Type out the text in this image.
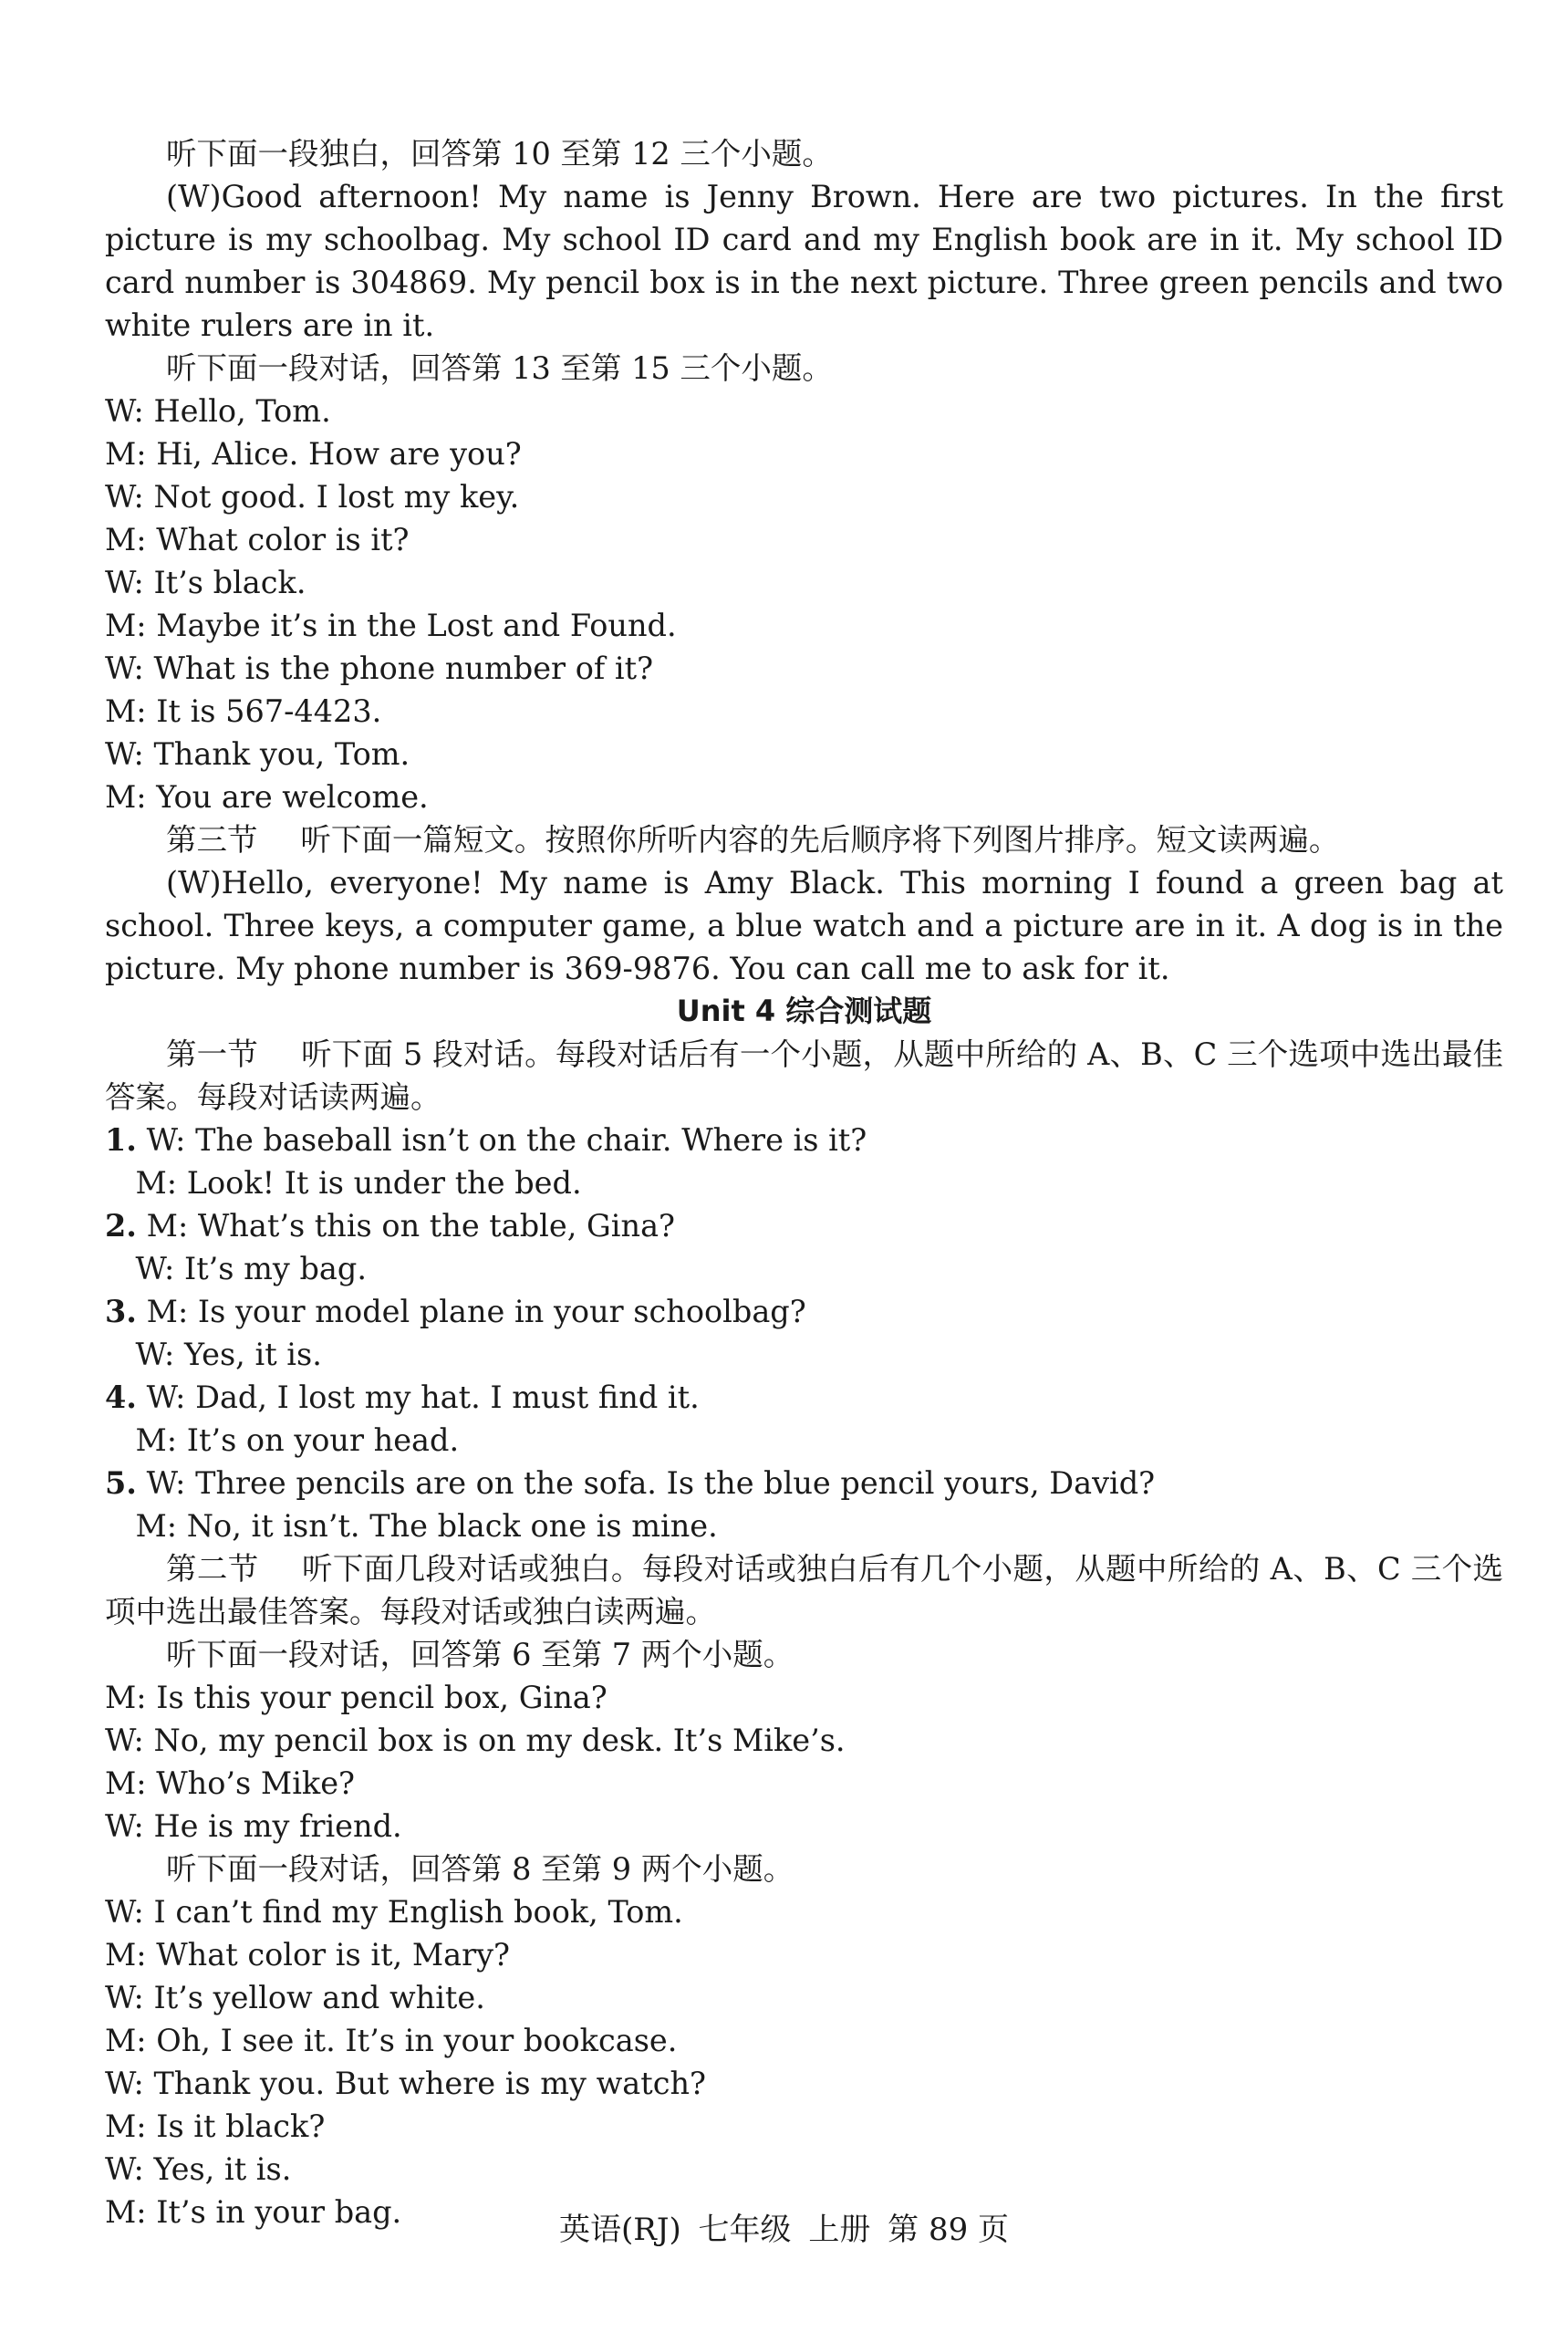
听下面一段独白，回答第 10 至第 12 三个小题。

(W)Good afternoon! My name is Jenny Brown. Here are two pictures. In the first picture is my schoolbag. My school ID card and my English book are in it. My school ID card number is 304869. My pencil box is in the next picture. Three green pencils and two white rulers are in it.

听下面一段对话，回答第 13 至第 15 三个小题。

W: Hello, Tom.

M: Hi, Alice. How are you?

W: Not good. I lost my key.

M: What color is it?

W: It’s black.

M: Maybe it’s in the Lost and Found.

W: What is the phone number of it?

M: It is 567-4423.

W: Thank you, Tom.

M: You are welcome.

第三节 听下面一篇短文。按照你所听内容的先后顺序将下列图片排序。短文读两遍。

(W)Hello, everyone! My name is Amy Black. This morning I found a green bag at school. Three keys, a computer game, a blue watch and a picture are in it. A dog is in the picture. My phone number is 369-9876. You can call me to ask for it.

Unit 4 综合测试题

第一节 听下面 5 段对话。每段对话后有一个小题，从题中所给的 A、B、C 三个选项中选出最佳答案。每段对话读两遍。

1. W: The baseball isn’t on the chair. Where is it?

M: Look! It is under the bed.

2. M: What’s this on the table, Gina?

W: It’s my bag.

3. M: Is your model plane in your schoolbag?

W: Yes, it is.

4. W: Dad, I lost my hat. I must find it.

M: It’s on your head.

5. W: Three pencils are on the sofa. Is the blue pencil yours, David?

M: No, it isn’t. The black one is mine.

第二节 听下面几段对话或独白。每段对话或独白后有几个小题，从题中所给的 A、B、C 三个选项中选出最佳答案。每段对话或独白读两遍。

听下面一段对话，回答第 6 至第 7 两个小题。

M: Is this your pencil box, Gina?

W: No, my pencil box is on my desk. It’s Mike’s.

M: Who’s Mike?

W: He is my friend.

听下面一段对话，回答第 8 至第 9 两个小题。

W: I can’t find my English book, Tom.

M: What color is it, Mary?

W: It’s yellow and white.

M: Oh, I see it. It’s in your bookcase.

W: Thank you. But where is my watch?

M: Is it black?

W: Yes, it is.

M: It’s in your bag.	英语(RJ) 七年级 上册 第 89 页
